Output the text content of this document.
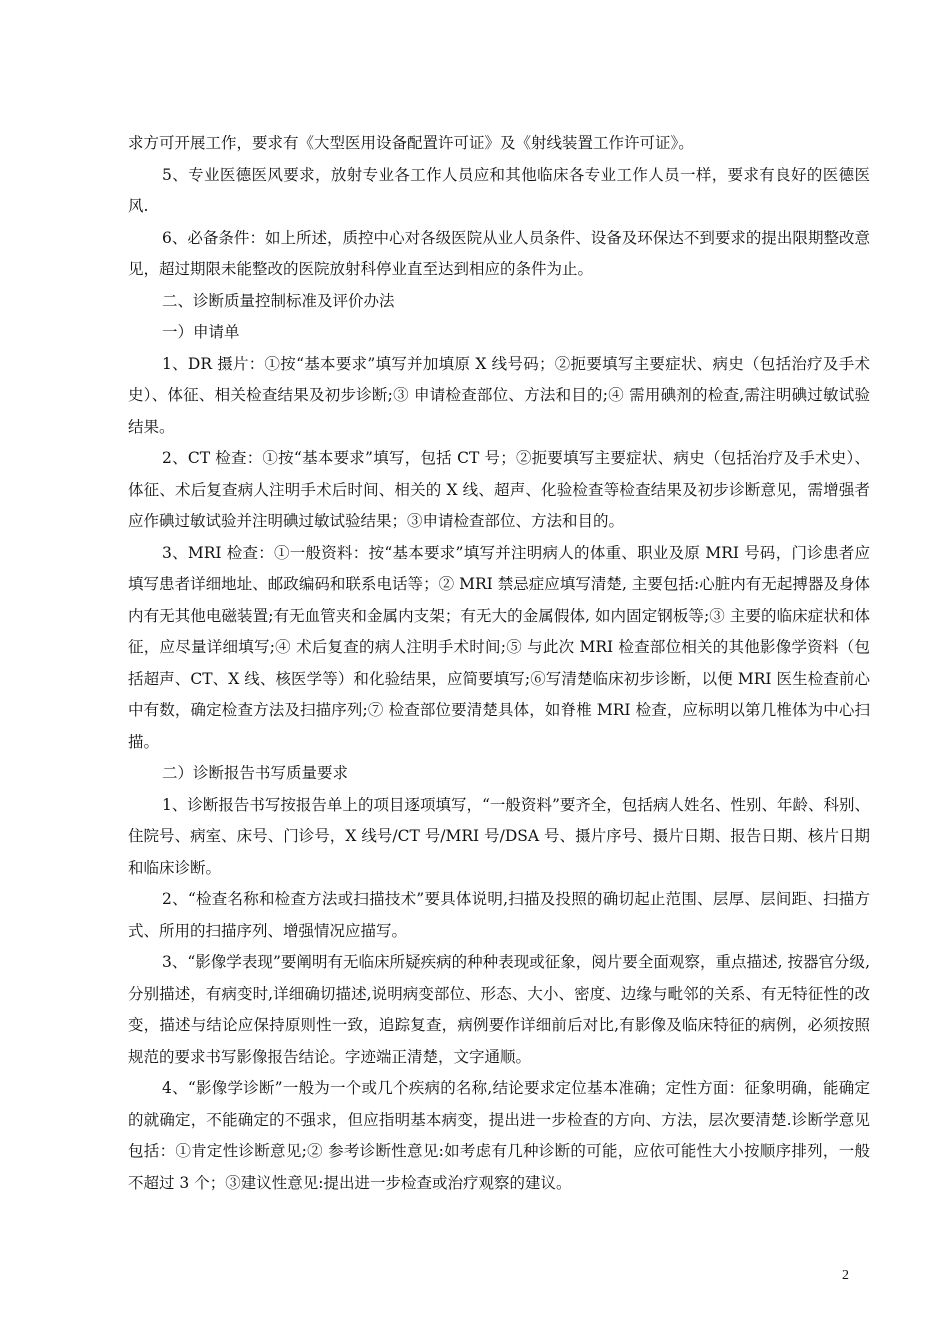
求方可开展工作，要求有《大型医用设备配置许可证》及《射线装置工作许可证》。

5、专业医德医风要求，放射专业各工作人员应和其他临床各专业工作人员一样，要求有良好的医德医风.

6、必备条件：如上所述，质控中心对各级医院从业人员条件、设备及环保达不到要求的提出限期整改意见，超过期限未能整改的医院放射科停业直至达到相应的条件为止。

二、诊断质量控制标准及评价办法

一）申请单

1、DR 摄片：①按“基本要求”填写并加填原 X 线号码；②扼要填写主要症状、病史（包括治疗及手术史）、体征、相关检查结果及初步诊断;③ 申请检查部位、方法和目的;④ 需用碘剂的检查,需注明碘过敏试验结果。

2、CT 检查：①按“基本要求”填写，包括 CT 号；②扼要填写主要症状、病史（包括治疗及手术史）、体征、术后复查病人注明手术后时间、相关的 X 线、超声、化验检查等检查结果及初步诊断意见，需增强者应作碘过敏试验并注明碘过敏试验结果；③申请检查部位、方法和目的。

3、MRI 检查：①一般资料：按“基本要求”填写并注明病人的体重、职业及原 MRI 号码，门诊患者应填写患者详细地址、邮政编码和联系电话等；② MRI 禁忌症应填写清楚, 主要包括:心脏内有无起搏器及身体内有无其他电磁装置;有无血管夹和金属内支架；有无大的金属假体, 如内固定钢板等;③ 主要的临床症状和体征，应尽量详细填写;④ 术后复查的病人注明手术时间;⑤ 与此次 MRI 检查部位相关的其他影像学资料（包括超声、CT、X 线、核医学等）和化验结果，应简要填写;⑥写清楚临床初步诊断，以便 MRI 医生检查前心中有数，确定检查方法及扫描序列;⑦ 检查部位要清楚具体，如脊椎 MRI 检查，应标明以第几椎体为中心扫描。

二）诊断报告书写质量要求

1、诊断报告书写按报告单上的项目逐项填写，“一般资料”要齐全，包括病人姓名、性别、年龄、科别、住院号、病室、床号、门诊号，X 线号/CT 号/MRI 号/DSA 号、摄片序号、摄片日期、报告日期、核片日期和临床诊断。

2、“检查名称和检查方法或扫描技术”要具体说明,扫描及投照的确切起止范围、层厚、层间距、扫描方式、所用的扫描序列、增强情况应描写。

3、“影像学表现”要阐明有无临床所疑疾病的种种表现或征象，阅片要全面观察，重点描述, 按器官分级,分别描述，有病变时,详细确切描述,说明病变部位、形态、大小、密度、边缘与毗邻的关系、有无特征性的改变，描述与结论应保持原则性一致，追踪复查，病例要作详细前后对比,有影像及临床特征的病例，必须按照规范的要求书写影像报告结论。字迹端正清楚，文字通顺。

4、“影像学诊断”一般为一个或几个疾病的名称,结论要求定位基本准确；定性方面：征象明确，能确定的就确定，不能确定的不强求，但应指明基本病变，提出进一步检查的方向、方法，层次要清楚.诊断学意见包括：①肯定性诊断意见;② 参考诊断性意见:如考虑有几种诊断的可能，应依可能性大小按顺序排列，一般不超过 3 个；③建议性意见:提出进一步检查或治疗观察的建议。

2
